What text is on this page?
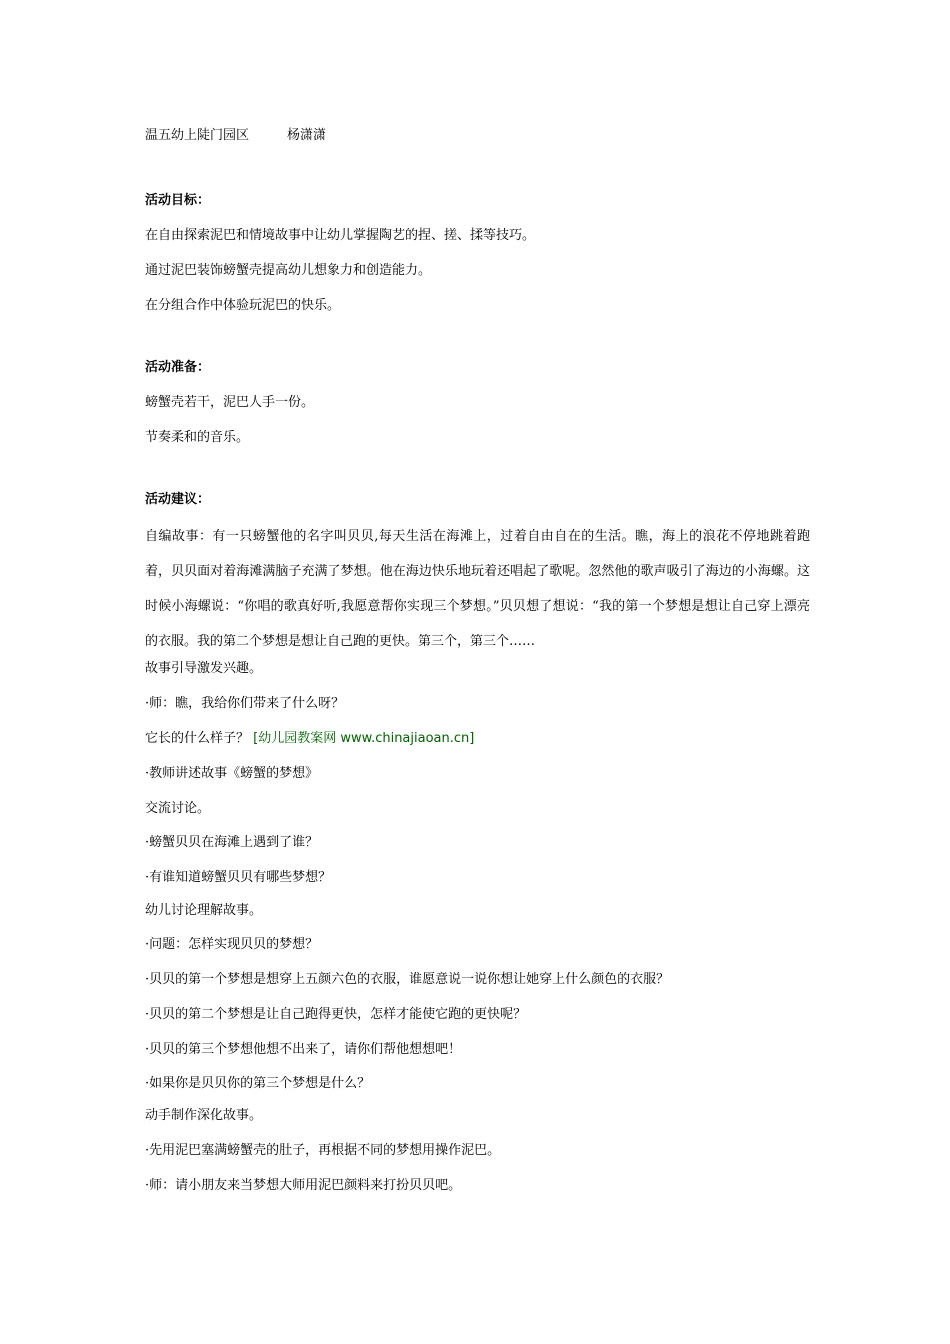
温五幼上陡门园区	杨潇潇
活动目标：
在自由探索泥巴和情境故事中让幼儿掌握陶艺的捏、搓、揉等技巧。
通过泥巴装饰螃蟹壳提高幼儿想象力和创造能力。
在分组合作中体验玩泥巴的快乐。
活动准备：
螃蟹壳若干，泥巴人手一份。
节奏柔和的音乐。
活动建议：
自编故事：有一只螃蟹他的名字叫贝贝,每天生活在海滩上，过着自由自在的生活。瞧，海上的浪花不停地跳着跑着，贝贝面对着海滩满脑子充满了梦想。他在海边快乐地玩着还唱起了歌呢。忽然他的歌声吸引了海边的小海螺。这时候小海螺说：“你唱的歌真好听,我愿意帮你实现三个梦想。”贝贝想了想说：“我的第一个梦想是想让自己穿上漂亮的衣服。我的第二个梦想是想让自己跑的更快。第三个，第三个……
故事引导激发兴趣。
·师：瞧，我给你们带来了什么呀？
它长的什么样子？ [幼儿园教案网 www.chinajiaoan.cn]
·教师讲述故事《螃蟹的梦想》
交流讨论。
·螃蟹贝贝在海滩上遇到了谁？
·有谁知道螃蟹贝贝有哪些梦想？
幼儿讨论理解故事。
·问题：怎样实现贝贝的梦想？
·贝贝的第一个梦想是想穿上五颜六色的衣服，谁愿意说一说你想让她穿上什么颜色的衣服？
·贝贝的第二个梦想是让自己跑得更快，怎样才能使它跑的更快呢？
·贝贝的第三个梦想他想不出来了，请你们帮他想想吧！
·如果你是贝贝你的第三个梦想是什么？
动手制作深化故事。
·先用泥巴塞满螃蟹壳的肚子，再根据不同的梦想用操作泥巴。
·师：请小朋友来当梦想大师用泥巴颜料来打扮贝贝吧。
